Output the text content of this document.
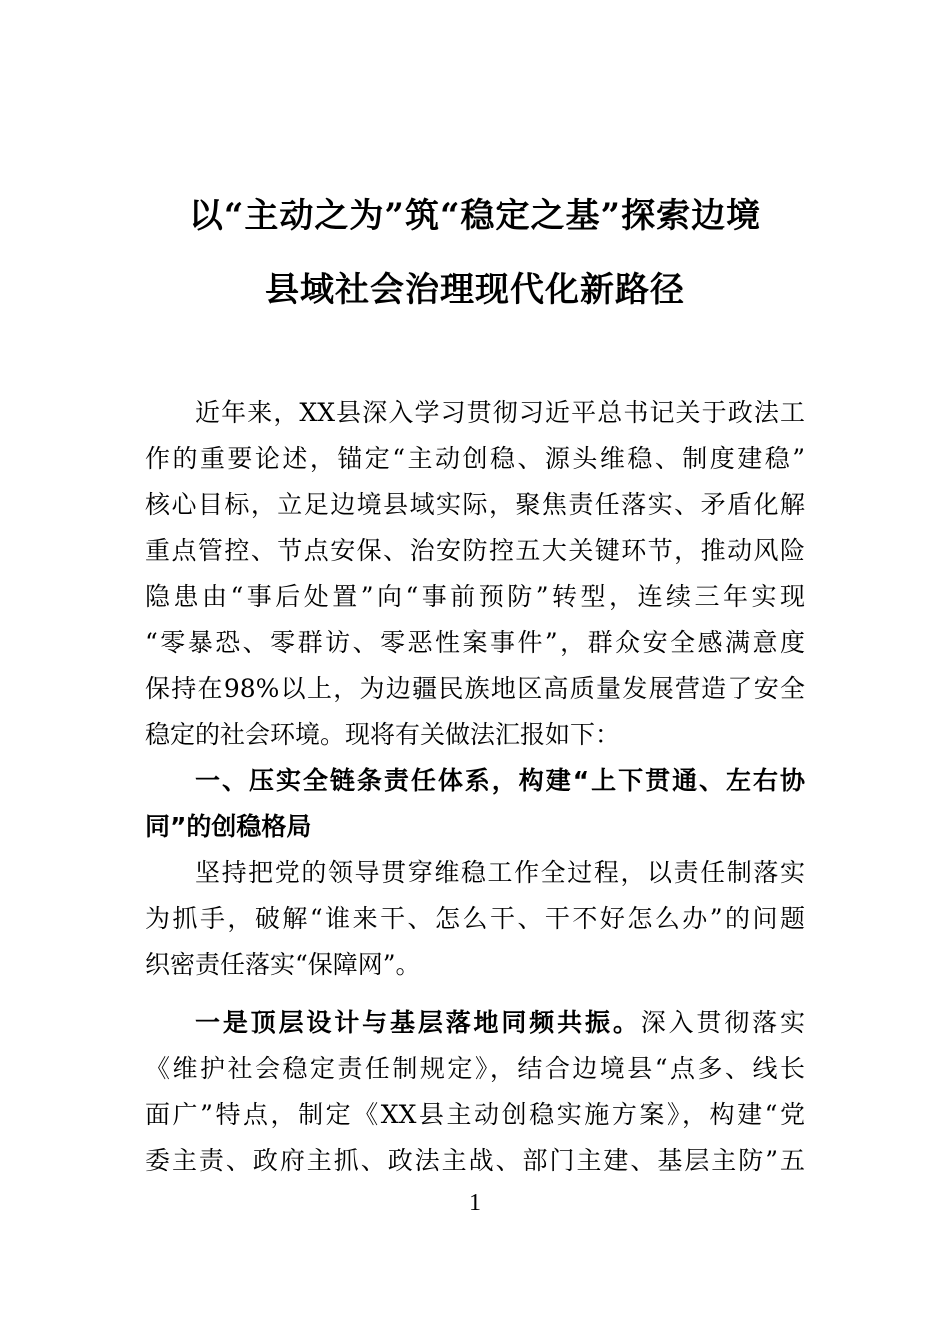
以“主动之为”筑“稳定之基”探索边境
县域社会治理现代化新路径
近年来，XX县深入学习贯彻习近平总书记关于政法工
作的重要论述，锚定“主动创稳、源头维稳、制度建稳”
核心目标，立足边境县域实际，聚焦责任落实、矛盾化解
重点管控、节点安保、治安防控五大关键环节，推动风险
隐患由“事后处置”向“事前预防”转型，连续三年实现
“零暴恐、零群访、零恶性案事件”，群众安全感满意度
保持在98%以上，为边疆民族地区高质量发展营造了安全
稳定的社会环境。现将有关做法汇报如下：
一、压实全链条责任体系，构建“上下贯通、左右协
同”的创稳格局
坚持把党的领导贯穿维稳工作全过程，以责任制落实
为抓手，破解“谁来干、怎么干、干不好怎么办”的问题
织密责任落实“保障网”。
一是顶层设计与基层落地同频共振。深入贯彻落实
《维护社会稳定责任制规定》，结合边境县“点多、线长
面广”特点，制定《XX县主动创稳实施方案》，构建“党
委主责、政府主抓、政法主战、部门主建、基层主防”五
1
